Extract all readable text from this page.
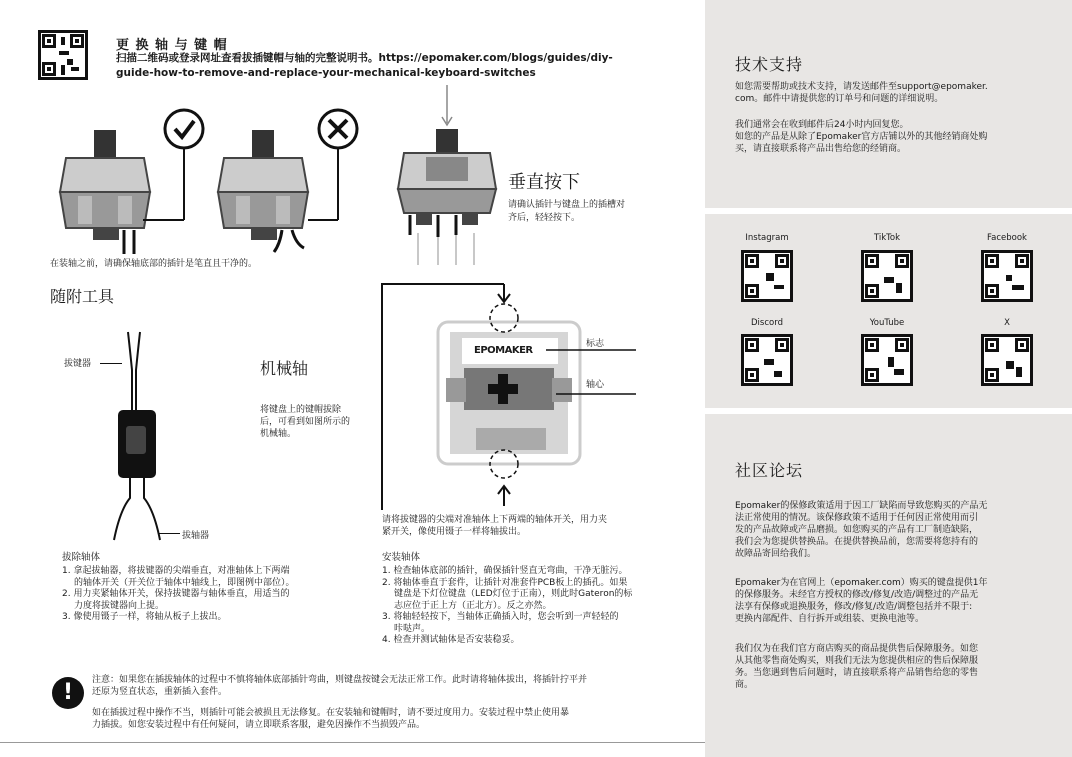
更 换 轴 与 键 帽
扫描二维码或登录网址查看拔插键帽与轴的完整说明书。https://epomaker.com/blogs/guides/diy-
guide-how-to-remove-and-replace-your-mechanical-keyboard-switches
在装轴之前，请确保轴底部的插针是笔直且干净的。
垂直按下
请确认插针与键盘上的插槽对
齐后，轻轻按下。
随附工具
拔键器
拔轴器
机械轴
将键盘上的键帽拔除
后，可看到如图所示的
机械轴。
EPOMAKER
标志
轴心
请将拔键器的尖端对准轴体上下两端的轴体开关，用力夹
紧开关，像使用镊子一样将轴拔出。
拔除轴体
1. 拿起拔轴器，将拔键器的尖端垂直，对准轴体上下两端
的轴体开关（开关位于轴体中轴线上，即图例中部位）。
2. 用力夹紧轴体开关，保持拔键器与轴体垂直，用适当的
力度将拔键器向上提。
3. 像使用镊子一样，将轴从板子上拔出。
安装轴体
1. 检查轴体底部的插针，确保插针竖直无弯曲，干净无脏污。
2. 将轴体垂直于套件，让插针对准套件PCB板上的插孔。如果
键盘是下灯位键盘（LED灯位于正南），则此时Gateron的标
志应位于正上方（正北方）。反之亦然。
3. 将轴轻轻按下，当轴体正确插入时，您会听到一声轻轻的
咔哒声。
4. 检查并测试轴体是否安装稳妥。
!	注意：如果您在插拔轴体的过程中不慎将轴体底部插针弯曲，则键盘按键会无法正常工作。此时请将轴体拔出，将插针拧平并
还原为竖直状态，重新插入套件。
如在插拔过程中操作不当，则插针可能会被损且无法修复。在安装轴和键帽时，请不要过度用力。安装过程中禁止使用暴
力插拔。如您安装过程中有任何疑问，请立即联系客服，避免因操作不当损毁产品。
技术支持
如您需要帮助或技术支持，请发送邮件至support@epomaker.
com。邮件中请提供您的订单号和问题的详细说明。
我们通常会在收到邮件后24小时内回复您。
如您的产品是从除了Epomaker官方店铺以外的其他经销商处购
买，请直接联系将产品出售给您的经销商。
Instagram	TikTok	Facebook
Discord	YouTube	X
社区论坛
Epomaker的保修政策适用于因工厂缺陷而导致您购买的产品无
法正常使用的情况。该保修政策不适用于任何因正常使用而引
发的产品故障或产品磨损。如您购买的产品有工厂制造缺陷，
我们会为您提供替换品。在提供替换品前，您需要将您持有的
故障品寄回给我们。
Epomaker为在官网上（epomaker.com）购买的键盘提供1年
的保修服务。未经官方授权的修改/修复/改造/调整过的产品无
法享有保修或退换服务，修改/修复/改造/调整包括并不限于:
更换内部配件、自行拆开或组装、更换电池等。
我们仅为在我们官方商店购买的商品提供售后保障服务。如您
从其他零售商处购买，则我们无法为您提供相应的售后保障服
务。当您遇到售后问题时，请直接联系将产品销售给您的零售
商。
